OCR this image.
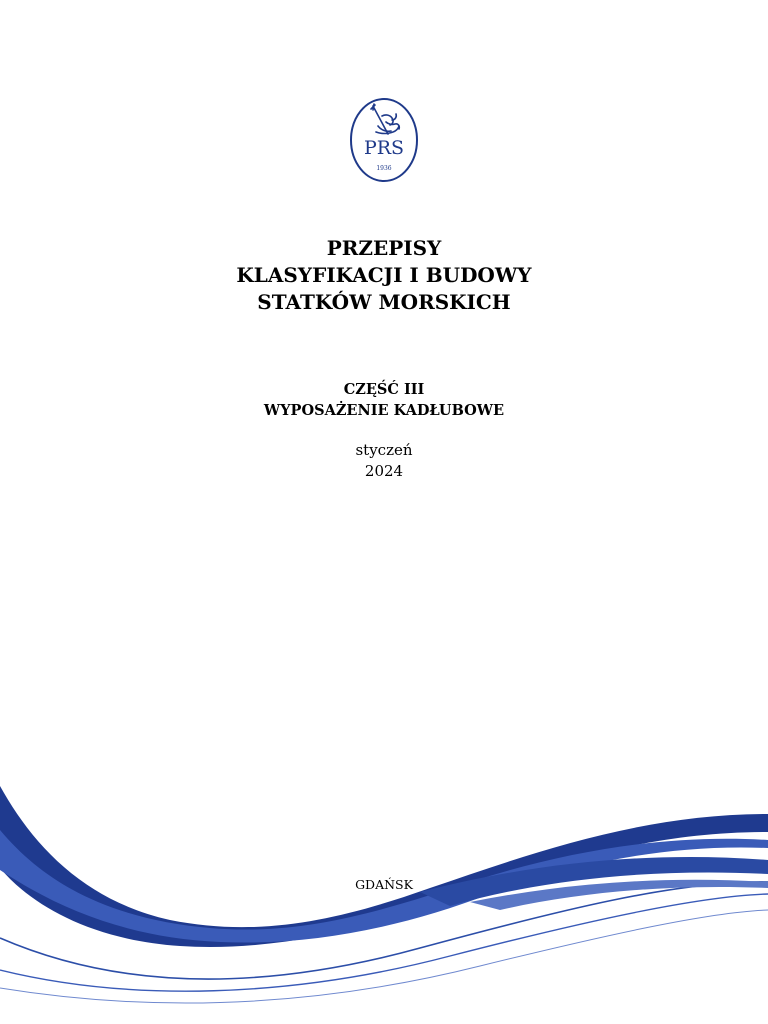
PRS
1936
PRZEPISY
KLASYFIKACJI I BUDOWY
STATKÓW MORSKICH
CZĘŚĆ III
WYPOSAŻENIE KADŁUBOWE
styczeń
2024
GDAŃSK
